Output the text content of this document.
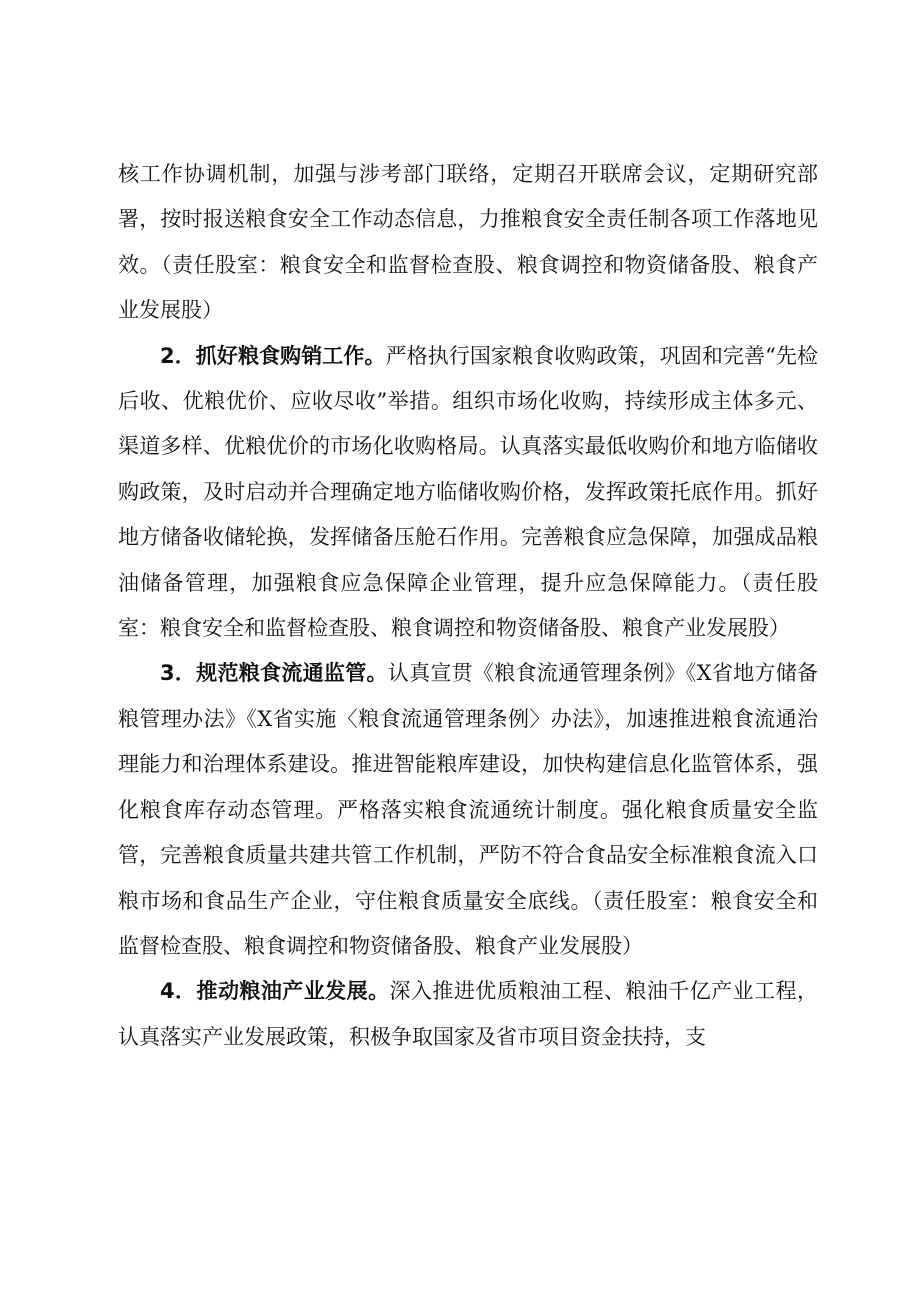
核工作协调机制，加强与涉考部门联络，定期召开联席会议，定期研究部署，按时报送粮食安全工作动态信息，力推粮食安全责任制各项工作落地见效。（责任股室：粮食安全和监督检查股、粮食调控和物资储备股、粮食产业发展股）

2．抓好粮食购销工作。严格执行国家粮食收购政策，巩固和完善“先检后收、优粮优价、应收尽收”举措。组织市场化收购，持续形成主体多元、渠道多样、优粮优价的市场化收购格局。认真落实最低收购价和地方临储收购政策，及时启动并合理确定地方临储收购价格，发挥政策托底作用。抓好地方储备收储轮换，发挥储备压舱石作用。完善粮食应急保障，加强成品粮油储备管理，加强粮食应急保障企业管理，提升应急保障能力。（责任股室：粮食安全和监督检查股、粮食调控和物资储备股、粮食产业发展股）

3．规范粮食流通监管。认真宣贯《粮食流通管理条例》《X省地方储备粮管理办法》《X省实施〈粮食流通管理条例〉办法》，加速推进粮食流通治理能力和治理体系建设。推进智能粮库建设，加快构建信息化监管体系，强化粮食库存动态管理。严格落实粮食流通统计制度。强化粮食质量安全监管，完善粮食质量共建共管工作机制，严防不符合食品安全标准粮食流入口粮市场和食品生产企业，守住粮食质量安全底线。（责任股室：粮食安全和监督检查股、粮食调控和物资储备股、粮食产业发展股）

4．推动粮油产业发展。深入推进优质粮油工程、粮油千亿产业工程，认真落实产业发展政策，积极争取国家及省市项目资金扶持，支
